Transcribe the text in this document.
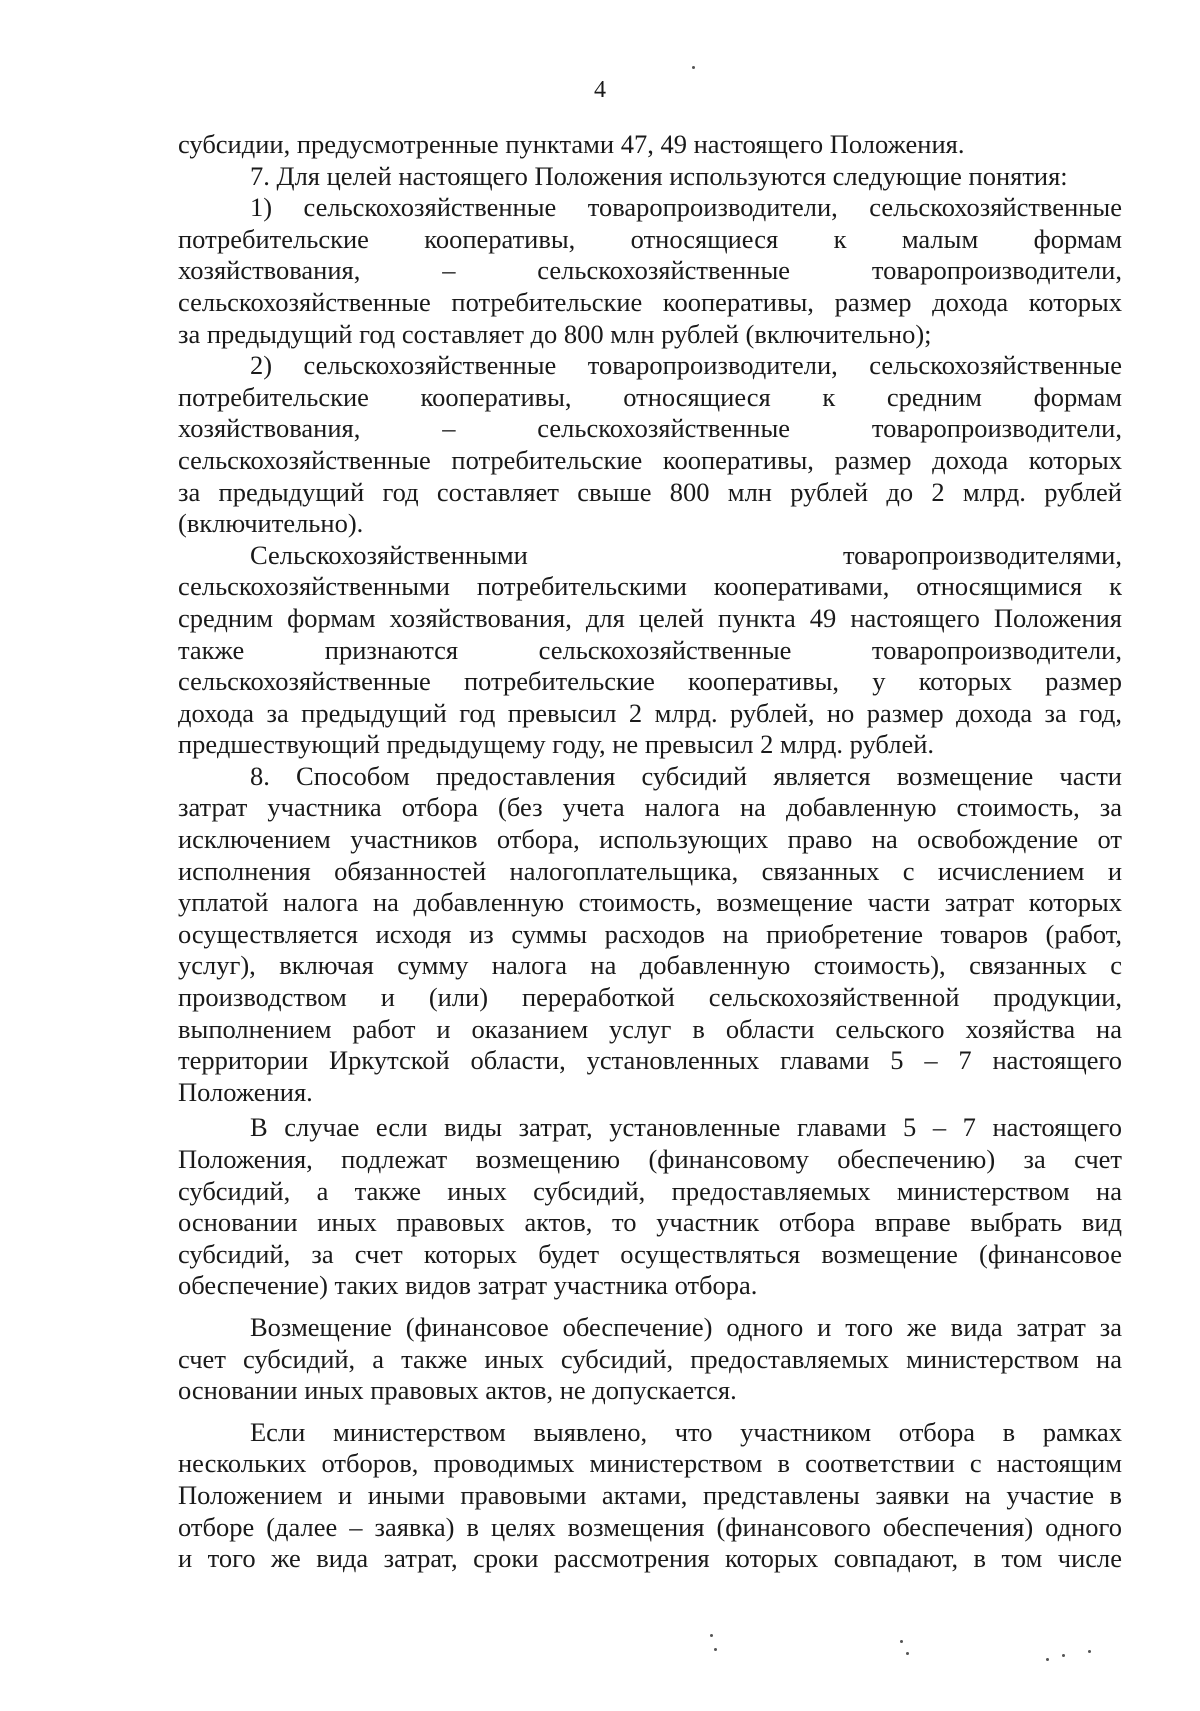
4
субсидии, предусмотренные пунктами 47, 49 настоящего Положения.
7. Для целей настоящего Положения используются следующие понятия:
1) сельскохозяйственные товаропроизводители, сельскохозяйственные
потребительские кооперативы, относящиеся к малым формам
хозяйствования, – сельскохозяйственные товаропроизводители,
сельскохозяйственные потребительские кооперативы, размер дохода которых
за предыдущий год составляет до 800 млн рублей (включительно);
2) сельскохозяйственные товаропроизводители, сельскохозяйственные
потребительские кооперативы, относящиеся к средним формам
хозяйствования, – сельскохозяйственные товаропроизводители,
сельскохозяйственные потребительские кооперативы, размер дохода которых
за предыдущий год составляет свыше 800 млн рублей до 2 млрд. рублей
(включительно).
Сельскохозяйственными товаропроизводителями,
сельскохозяйственными потребительскими кооперативами, относящимися к
средним формам хозяйствования, для целей пункта 49 настоящего Положения
также признаются сельскохозяйственные товаропроизводители,
сельскохозяйственные потребительские кооперативы, у которых размер
дохода за предыдущий год превысил 2 млрд. рублей, но размер дохода за год,
предшествующий предыдущему году, не превысил 2 млрд. рублей.
8. Способом предоставления субсидий является возмещение части
затрат участника отбора (без учета налога на добавленную стоимость, за
исключением участников отбора, использующих право на освобождение от
исполнения обязанностей налогоплательщика, связанных с исчислением и
уплатой налога на добавленную стоимость, возмещение части затрат которых
осуществляется исходя из суммы расходов на приобретение товаров (работ,
услуг), включая сумму налога на добавленную стоимость), связанных с
производством и (или) переработкой сельскохозяйственной продукции,
выполнением работ и оказанием услуг в области сельского хозяйства на
территории Иркутской области, установленных главами 5 – 7 настоящего
Положения.
В случае если виды затрат, установленные главами 5 – 7 настоящего
Положения, подлежат возмещению (финансовому обеспечению) за счет
субсидий, а также иных субсидий, предоставляемых министерством на
основании иных правовых актов, то участник отбора вправе выбрать вид
субсидий, за счет которых будет осуществляться возмещение (финансовое
обеспечение) таких видов затрат участника отбора.
Возмещение (финансовое обеспечение) одного и того же вида затрат за
счет субсидий, а также иных субсидий, предоставляемых министерством на
основании иных правовых актов, не допускается.
Если министерством выявлено, что участником отбора в рамках
нескольких отборов, проводимых министерством в соответствии с настоящим
Положением и иными правовыми актами, представлены заявки на участие в
отборе (далее – заявка) в целях возмещения (финансового обеспечения) одного
и того же вида затрат, сроки рассмотрения которых совпадают, в том числе
